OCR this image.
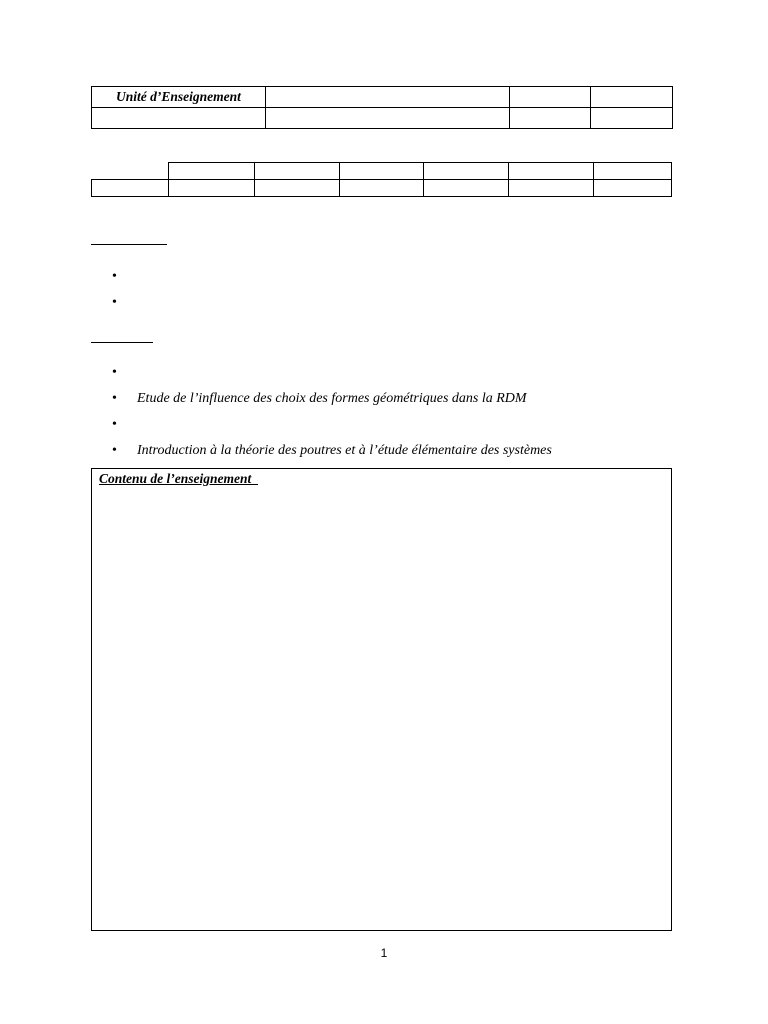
Unité d’Enseignement			

•
•
•
• Etude de l’influence des choix des formes géométriques dans la RDM
•
• Introduction à la théorie des poutres et à l’étude élémentaire des systèmes
Contenu de l’enseignement
1
